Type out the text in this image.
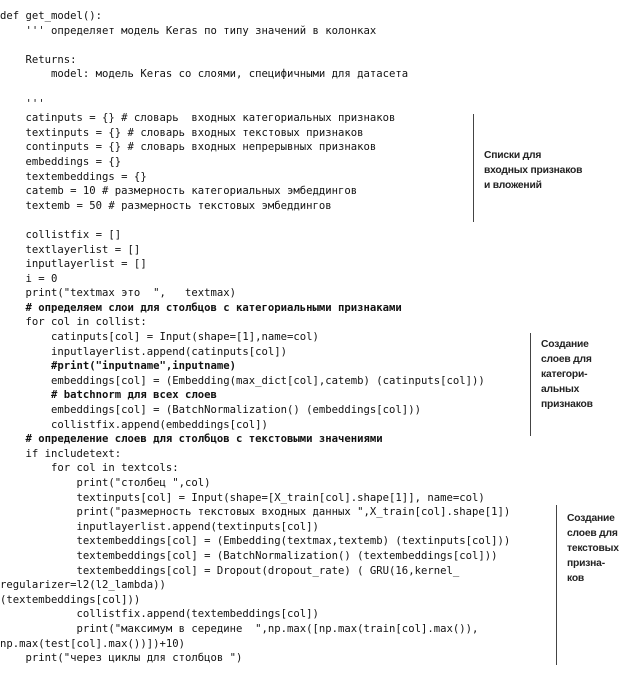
def get_model():
''' определяет модель Keras по типу значений в колонках
Returns:
model: модель Keras со слоями, специфичными для датасета
'''
catinputs = {} # словарь  входных категориальных признаков
textinputs = {} # словарь входных текстовых признаков
continputs = {} # словарь входных непрерывных признаков
embeddings = {}
textembeddings = {}
catemb = 10 # размерность категориальных эмбеддингов
textemb = 50 # размерность текстовых эмбеддингов
collistfix = []
textlayerlist = []
inputlayerlist = []
i = 0
print("textmax это  ",   textmax)
# определяем слои для столбцов с категориальными признаками
for col in collist:
catinputs[col] = Input(shape=[1],name=col)
inputlayerlist.append(catinputs[col])
#print("inputname",inputname)
embeddings[col] = (Embedding(max_dict[col],catemb) (catinputs[col]))
# batchnorm для всех слоев
embeddings[col] = (BatchNormalization() (embeddings[col]))
collistfix.append(embeddings[col])
# определение слоев для столбцов с текстовыми значениями
if includetext:
for col in textcols:
print("столбец ",col)
textinputs[col] = Input(shape=[X_train[col].shape[1]], name=col)
print("размерность текстовых входных данных ",X_train[col].shape[1])
inputlayerlist.append(textinputs[col])
textembeddings[col] = (Embedding(textmax,textemb) (textinputs[col]))
textembeddings[col] = (BatchNormalization() (textembeddings[col]))
textembeddings[col] = Dropout(dropout_rate) ( GRU(16,kernel_
regularizer=l2(l2_lambda))
(textembeddings[col]))
collistfix.append(textembeddings[col])
print("максимум в середине  ",np.max([np.max(train[col].max()),
np.max(test[col].max())])+10)
print("через циклы для столбцов ")

Списки для
входных признаков
и вложений

Создание
слоев для
категори-
альных
признаков

Создание
слоев для
текстовых
призна-
ков
